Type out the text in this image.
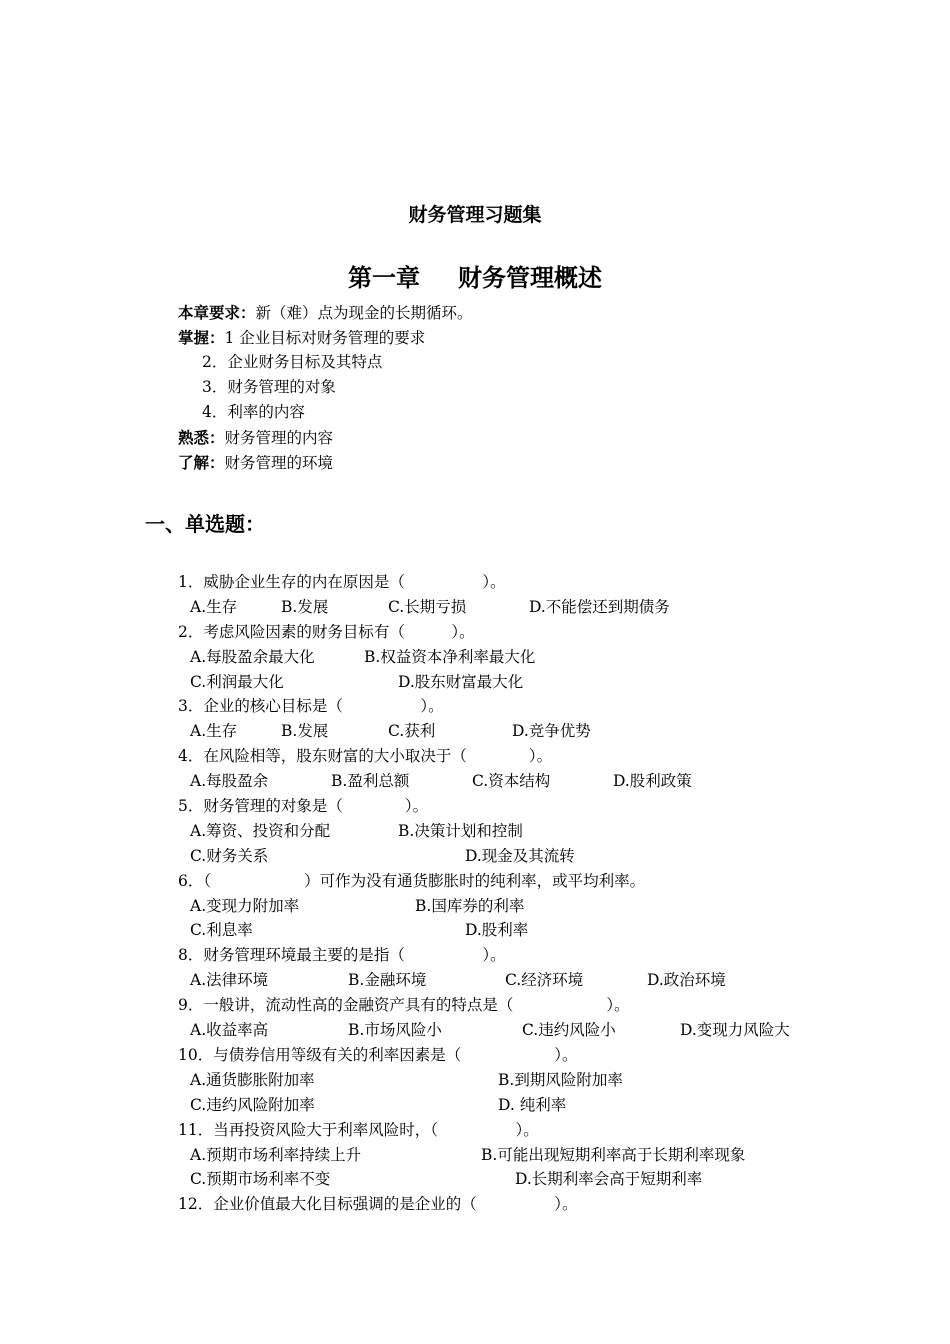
财务管理习题集
第一章 财务管理概述
本章要求：新（难）点为现金的长期循环。
掌握：1 企业目标对财务管理的要求
2．企业财务目标及其特点
3．财务管理的对象
4．利率的内容
熟悉：财务管理的内容
了解：财务管理的环境
一、单选题：
1．威胁企业生存的内在原因是（　　　　　）。
A.生存	B.发展	C.长期亏损	D.不能偿还到期债务
2．考虑风险因素的财务目标有（　　　）。
A.每股盈余最大化	B.权益资本净利率最大化
C.利润最大化	D.股东财富最大化
3．企业的核心目标是（　　　　　）。
A.生存	B.发展	C.获利	D.竞争优势
4．在风险相等，股东财富的大小取决于（　　　　）。
A.每股盈余	B.盈利总额	C.资本结构	D.股利政策
5．财务管理的对象是（　　　　）。
A.筹资、投资和分配	B.决策计划和控制
C.财务关系	D.现金及其流转
6．（　　　　　　）可作为没有通货膨胀时的纯利率，或平均利率。
A.变现力附加率	B.国库券的利率
C.利息率	D.股利率
8．财务管理环境最主要的是指（　　　　　）。
A.法律环境	B.金融环境	C.经济环境	D.政治环境
9．一般讲，流动性高的金融资产具有的特点是（　　　　　　）。
A.收益率高	B.市场风险小	C.违约风险小	D.变现力风险大
10．与债券信用等级有关的利率因素是（　　　　　　）。
A.通货膨胀附加率	B.到期风险附加率
C.违约风险附加率	D. 纯利率
11．当再投资风险大于利率风险时，（　　　　　）。
A.预期市场利率持续上升	B.可能出现短期利率高于长期利率现象
C.预期市场利率不变	D.长期利率会高于短期利率
12．企业价值最大化目标强调的是企业的（　　　　　）。
